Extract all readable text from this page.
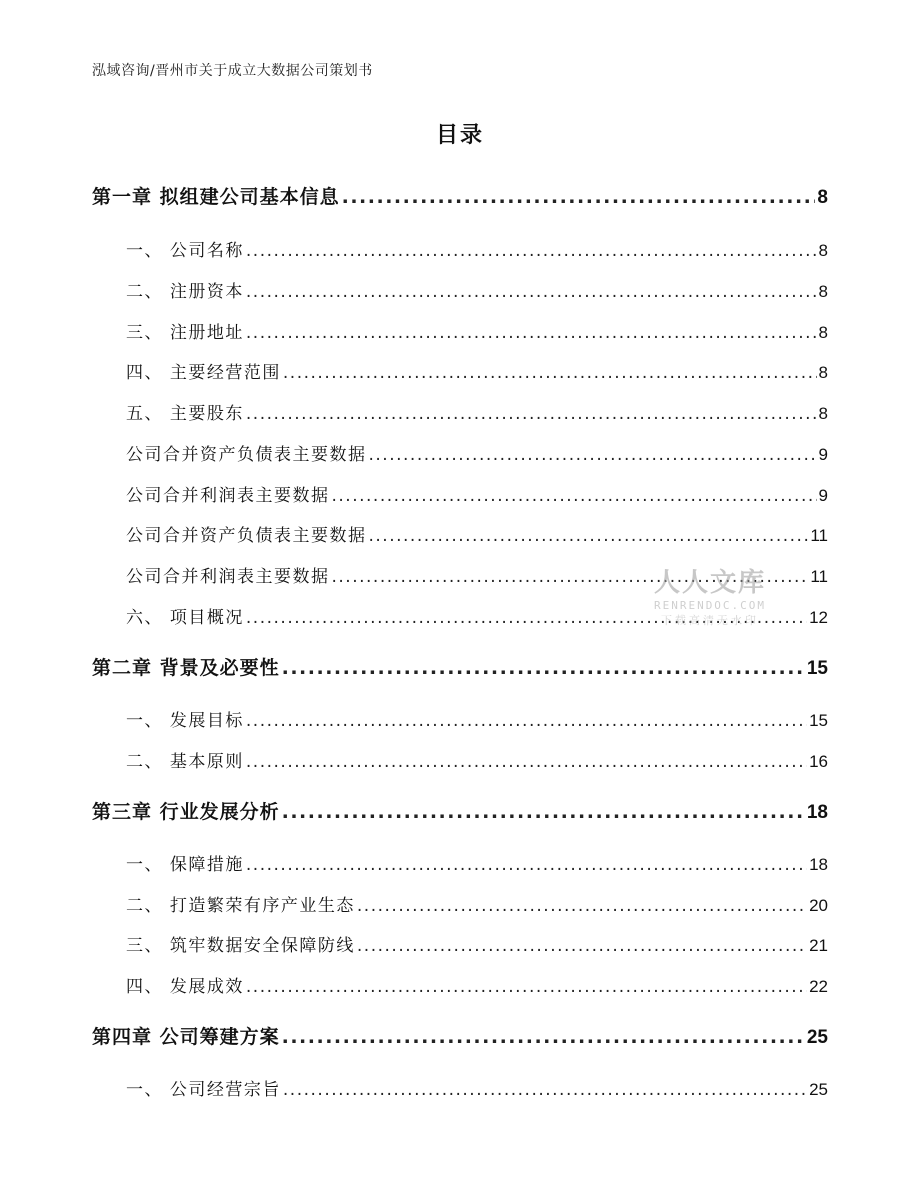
泓域咨询/晋州市关于成立大数据公司策划书
目录
第一章 拟组建公司基本信息 .....	8
一、 公司名称 .....	8
二、 注册资本 .....	8
三、 注册地址 .....	8
四、 主要经营范围 .....	8
五、 主要股东 .....	8
公司合并资产负债表主要数据 .....	9
公司合并利润表主要数据 .....	9
公司合并资产负债表主要数据 .....	11
公司合并利润表主要数据 .....	11
六、 项目概况 .....	12
第二章 背景及必要性 .....	15
一、 发展目标 .....	15
二、 基本原则 .....	16
第三章 行业发展分析 .....	18
一、 保障措施 .....	18
二、 打造繁荣有序产业生态 .....	20
三、 筑牢数据安全保障防线 .....	21
四、 发展成效 .....	22
第四章 公司筹建方案 .....	25
一、 公司经营宗旨 .....	25
人人文库
RENRENDOC.COM
下载高清无水印
